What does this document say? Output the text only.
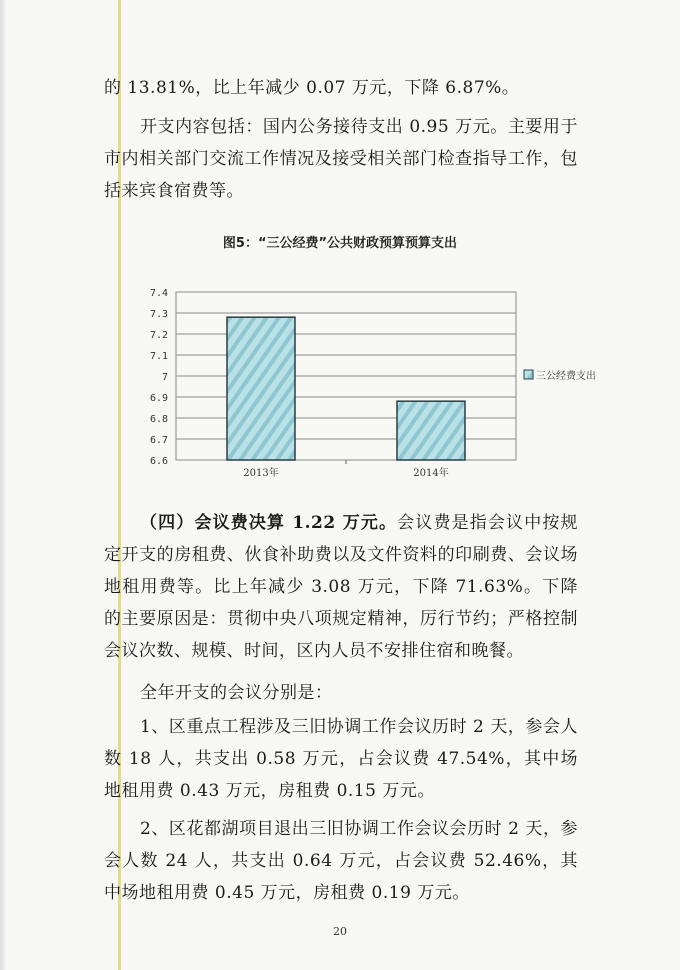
的 13.81%，比上年减少 0.07 万元，下降 6.87%。

开支内容包括：国内公务接待支出 0.95 万元。主要用于市内相关部门交流工作情况及接受相关部门检查指导工作，包括来宾食宿费等。

图5：“三公经费”公共财政预算预算支出
6.6
6.7
6.8
6.9
7
7.1
7.2
7.3
7.4
2013年	2014年
三公经费支出

（四）会议费决算 1.22 万元。会议费是指会议中按规定开支的房租费、伙食补助费以及文件资料的印刷费、会议场地租用费等。比上年减少 3.08 万元，下降 71.63%。下降的主要原因是：贯彻中央八项规定精神，厉行节约；严格控制会议次数、规模、时间，区内人员不安排住宿和晚餐。

全年开支的会议分别是：

1、区重点工程涉及三旧协调工作会议历时 2 天，参会人数 18 人，共支出 0.58 万元，占会议费 47.54%，其中场地租用费 0.43 万元，房租费 0.15 万元。

2、区花都湖项目退出三旧协调工作会议会历时 2 天，参会人数 24 人，共支出 0.64 万元，占会议费 52.46%，其中场地租用费 0.45 万元，房租费 0.19 万元。

20
